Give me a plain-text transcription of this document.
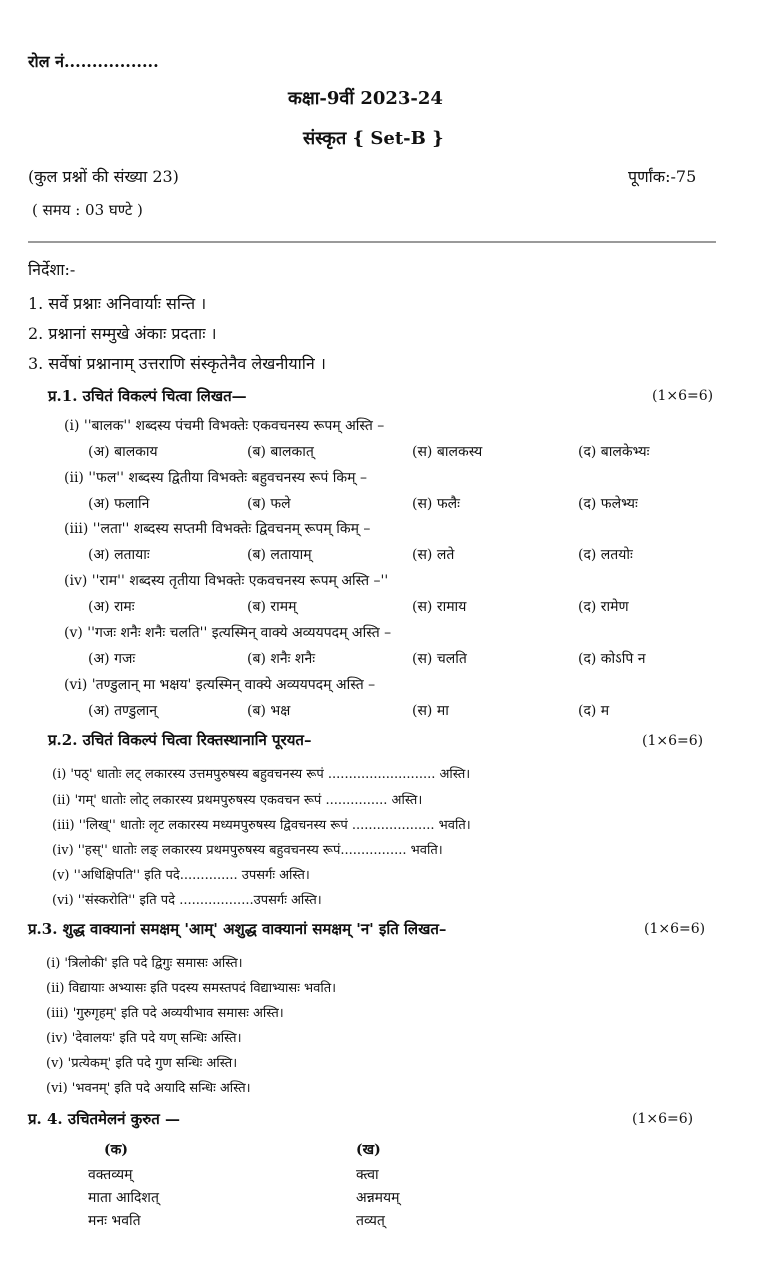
रोल नं.................
कक्षा-9वीं 2023-24
संस्कृत { Set-B }
(कुल प्रश्नों की संख्या 23)	पूर्णांक:-75
( समय : 03 घण्टे )
निर्देशा:-
1. सर्वे प्रश्नाः अनिवार्याः सन्ति ।
2. प्रश्नानां सम्मुखे अंकाः प्रदताः ।
3. सर्वेषां प्रश्नानाम् उत्तराणि संस्कृतेनैव लेखनीयानि ।
प्र.1. उचितं विकल्पं चित्वा लिखत—	(1×6=6)
(i) ''बालक'' शब्दस्य पंचमी विभक्तेः एकवचनस्य रूपम् अस्ति –
(अ) बालकाय	(ब) बालकात्	(स) बालकस्य	(द) बालकेभ्यः
(ii) ''फल'' शब्दस्य द्वितीया विभक्तेः बहुवचनस्य रूपं किम् –
(अ) फलानि	(ब) फले	(स) फलैः	(द) फलेभ्यः
(iii) ''लता'' शब्दस्य सप्तमी विभक्तेः द्विवचनम् रूपम् किम् –
(अ) लतायाः	(ब) लतायाम्	(स) लते	(द) लतयोः
(iv) ''राम'' शब्दस्य तृतीया विभक्तेः एकवचनस्य रूपम् अस्ति –''
(अ) रामः	(ब) रामम्	(स) रामाय	(द) रामेण
(v) ''गजः शनैः शनैः चलति'' इत्यस्मिन् वाक्ये अव्ययपदम् अस्ति –
(अ) गजः	(ब) शनैः शनैः	(स) चलति	(द) कोऽपि न
(vi) 'तण्डुलान् मा भक्षय' इत्यस्मिन् वाक्ये अव्ययपदम् अस्ति –
(अ) तण्डुलान्	(ब) भक्ष	(स) मा	(द) म
प्र.2. उचितं विकल्पं चित्वा रिक्तस्थानानि पूरयत–	(1×6=6)
(i) 'पठ्' धातोः लट् लकारस्य उत्तमपुरुषस्य बहुवचनस्य रूपं .......................... अस्ति।
(ii) 'गम्' धातोः लोट् लकारस्य प्रथमपुरुषस्य एकवचन रूपं ............... अस्ति।
(iii) ''लिख्'' धातोः लृट लकारस्य मध्यमपुरुषस्य द्विवचनस्य रूपं .................... भवति।
(iv) ''हस्'' धातोः लङ् लकारस्य प्रथमपुरुषस्य बहुवचनस्य रूपं................ भवति।
(v) ''अधिक्षिपति'' इति पदे.............. उपसर्गः अस्ति।
(vi) ''संस्करोति'' इति पदे ..................उपसर्गः अस्ति।
प्र.3. शुद्ध वाक्यानां समक्षम् 'आम्' अशुद्ध वाक्यानां समक्षम् 'न' इति लिखत–	(1×6=6)
(i) 'त्रिलोकी' इति पदे द्विगुः समासः अस्ति।
(ii) विद्यायाः अभ्यासः इति पदस्य समस्तपदं विद्याभ्यासः भवति।
(iii) 'गुरुगृहम्' इति पदे अव्ययीभाव समासः अस्ति।
(iv) 'देवालयः' इति पदे यण् सन्धिः अस्ति।
(v) 'प्रत्येकम्' इति पदे गुण सन्धिः अस्ति।
(vi) 'भवनम्' इति पदे अयादि सन्धिः अस्ति।
प्र. 4. उचितमेलनं कुरुत —	(1×6=6)
(क)	(ख)
वक्तव्यम्	क्त्वा
माता आदिशत्	अन्नमयम्
मनः भवति	तव्यत्
